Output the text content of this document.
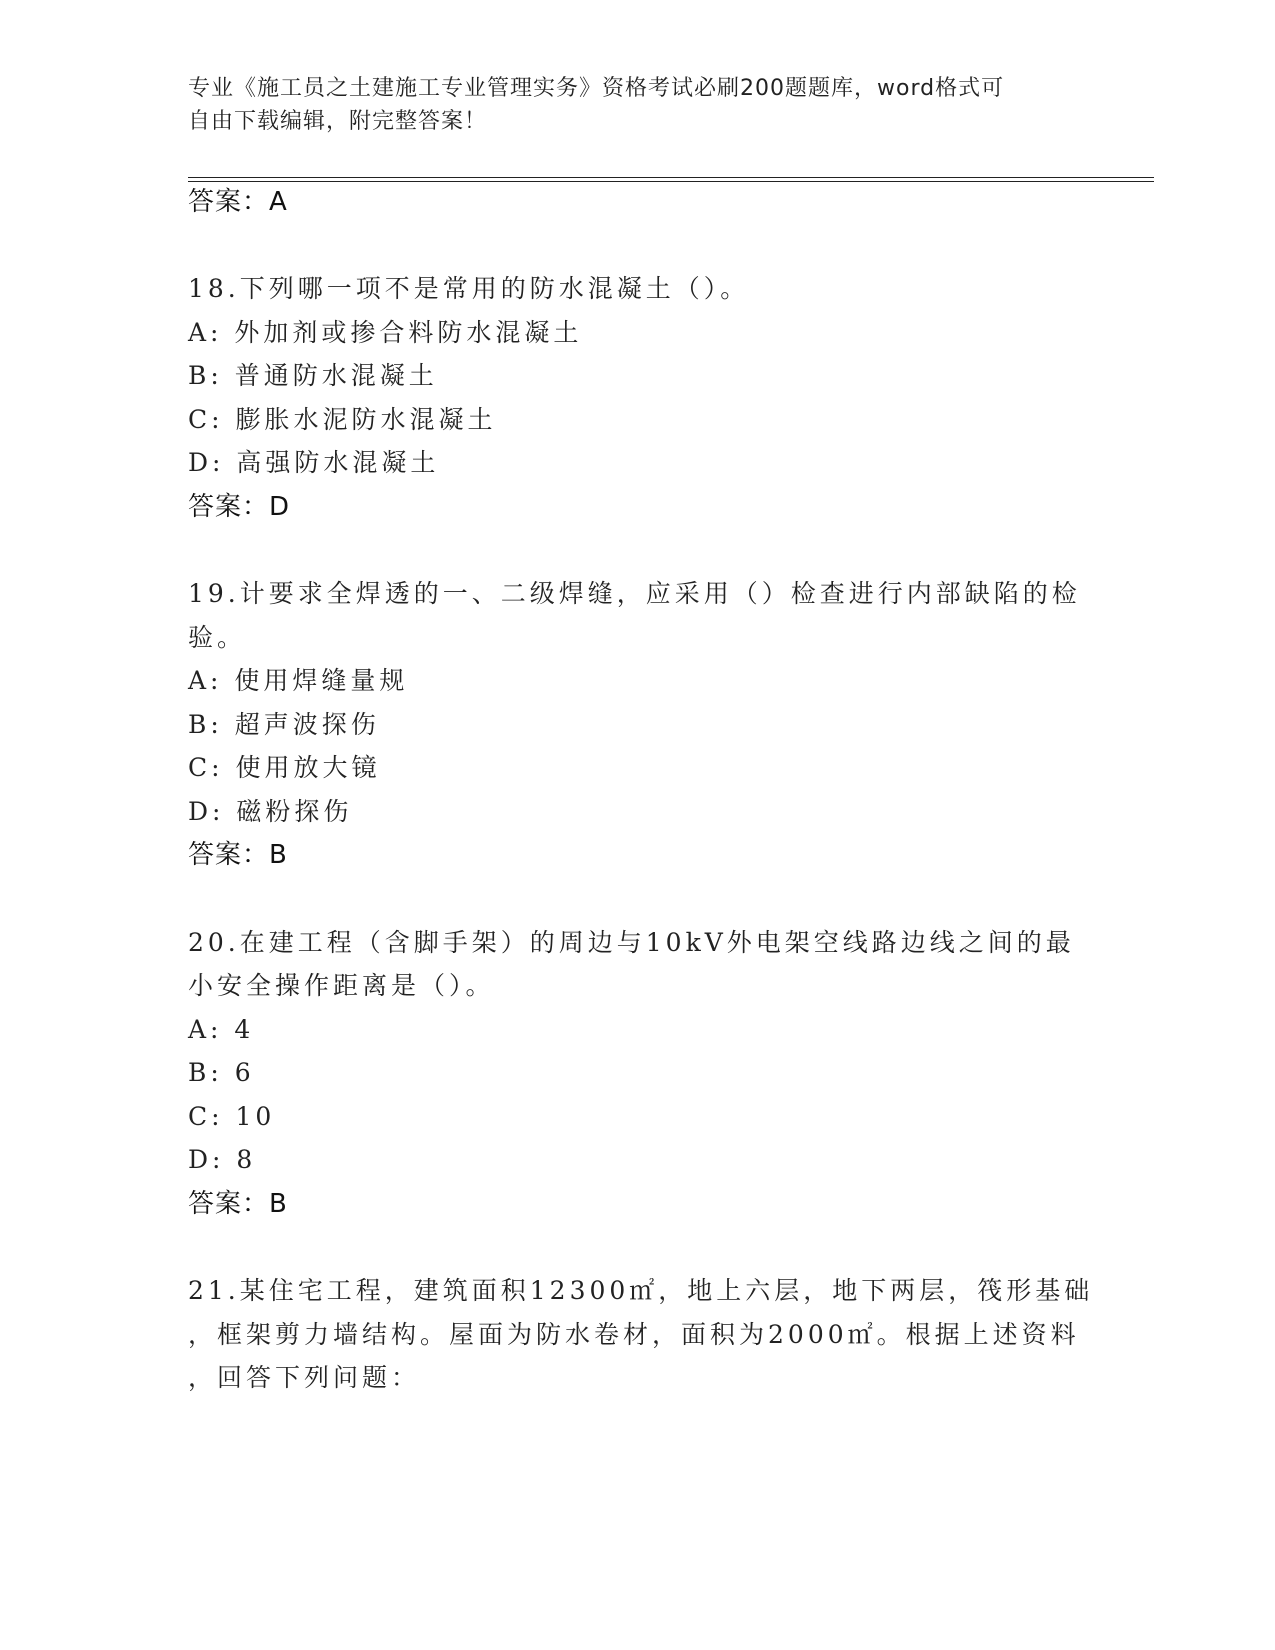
专业《施工员之土建施工专业管理实务》资格考试必刷200题题库，word格式可
自由下载编辑，附完整答案！
答案：A
18.下列哪一项不是常用的防水混凝土（）。
A: 外加剂或掺合料防水混凝土
B: 普通防水混凝土
C: 膨胀水泥防水混凝土
D: 高强防水混凝土
答案：D
19.计要求全焊透的一、二级焊缝，应采用（）检查进行内部缺陷的检
验。
A: 使用焊缝量规
B: 超声波探伤
C: 使用放大镜
D: 磁粉探伤
答案：B
20.在建工程（含脚手架）的周边与10kV外电架空线路边线之间的最
小安全操作距离是（）。
A: 4
B: 6
C: 10
D: 8
答案：B
21.某住宅工程，建筑面积12300㎡，地上六层，地下两层，筏形基础
，框架剪力墙结构。屋面为防水卷材，面积为2000㎡。根据上述资料
，回答下列问题：
